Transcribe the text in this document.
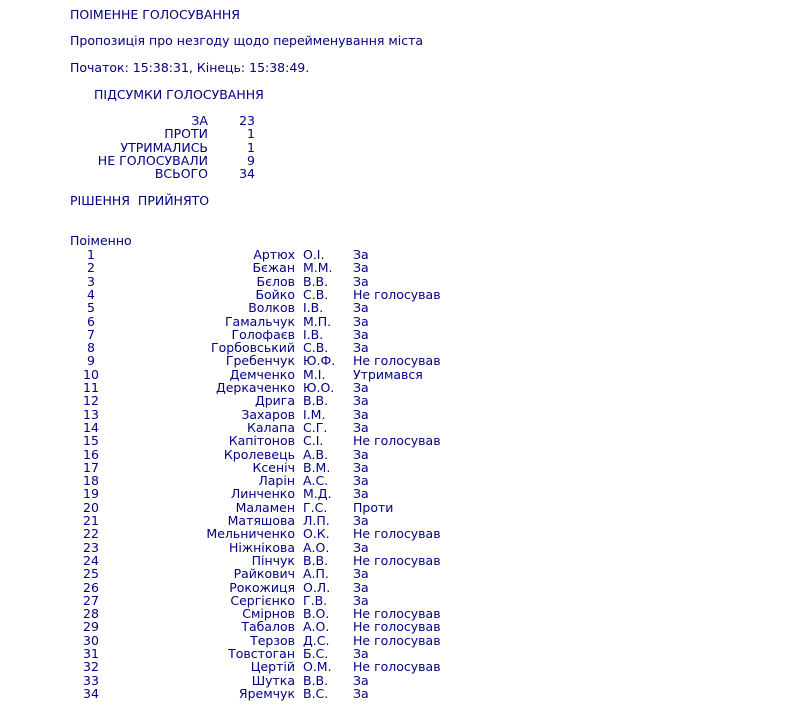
ПОІМЕННЕ ГОЛОСУВАННЯ
Пропозиція про незгоду щодо перейменування міста
Початок: 15:38:31, Кінець: 15:38:49.
ПІДСУМКИ ГОЛОСУВАННЯ
ЗА	23
ПРОТИ	1
УТРИМАЛИСЬ	1
НЕ ГОЛОСУВАЛИ	9
ВСЬОГО	34
РІШЕННЯ  ПРИЙНЯТО
Поіменно
1	Артюх О.І. За
2	Бєжан М.М. За
3	Бєлов В.В. За
4	Бойко С.В. Не голосував
5	Волков І.В. За
6	Гамальчук М.П. За
7	Голофаєв І.В. За
8	Горбовський С.В. За
9	Гребенчук Ю.Ф. Не голосував
10	Демченко М.І. Утримався
11	Деркаченко Ю.О. За
12	Дрига В.В. За
13	Захаров І.М. За
14	Калапа С.Г. За
15	Капітонов С.І. Не голосував
16	Кролевець А.В. За
17	Ксеніч В.М. За
18	Ларін А.С. За
19	Линченко М.Д. За
20	Маламен Г.С. Проти
21	Матяшова Л.П. За
22	Мельниченко О.К. Не голосував
23	Ніжнікова А.О. За
24	Пінчук В.В. Не голосував
25	Райкович А.П. За
26	Рокожиця О.Л. За
27	Сергієнко Г.В. За
28	Смірнов В.О. Не голосував
29	Табалов А.О. Не голосував
30	Терзов Д.С. Не голосував
31	Товстоган Б.С. За
32	Цертій О.М. Не голосував
33	Шутка В.В. За
34	Яремчук В.С. За
